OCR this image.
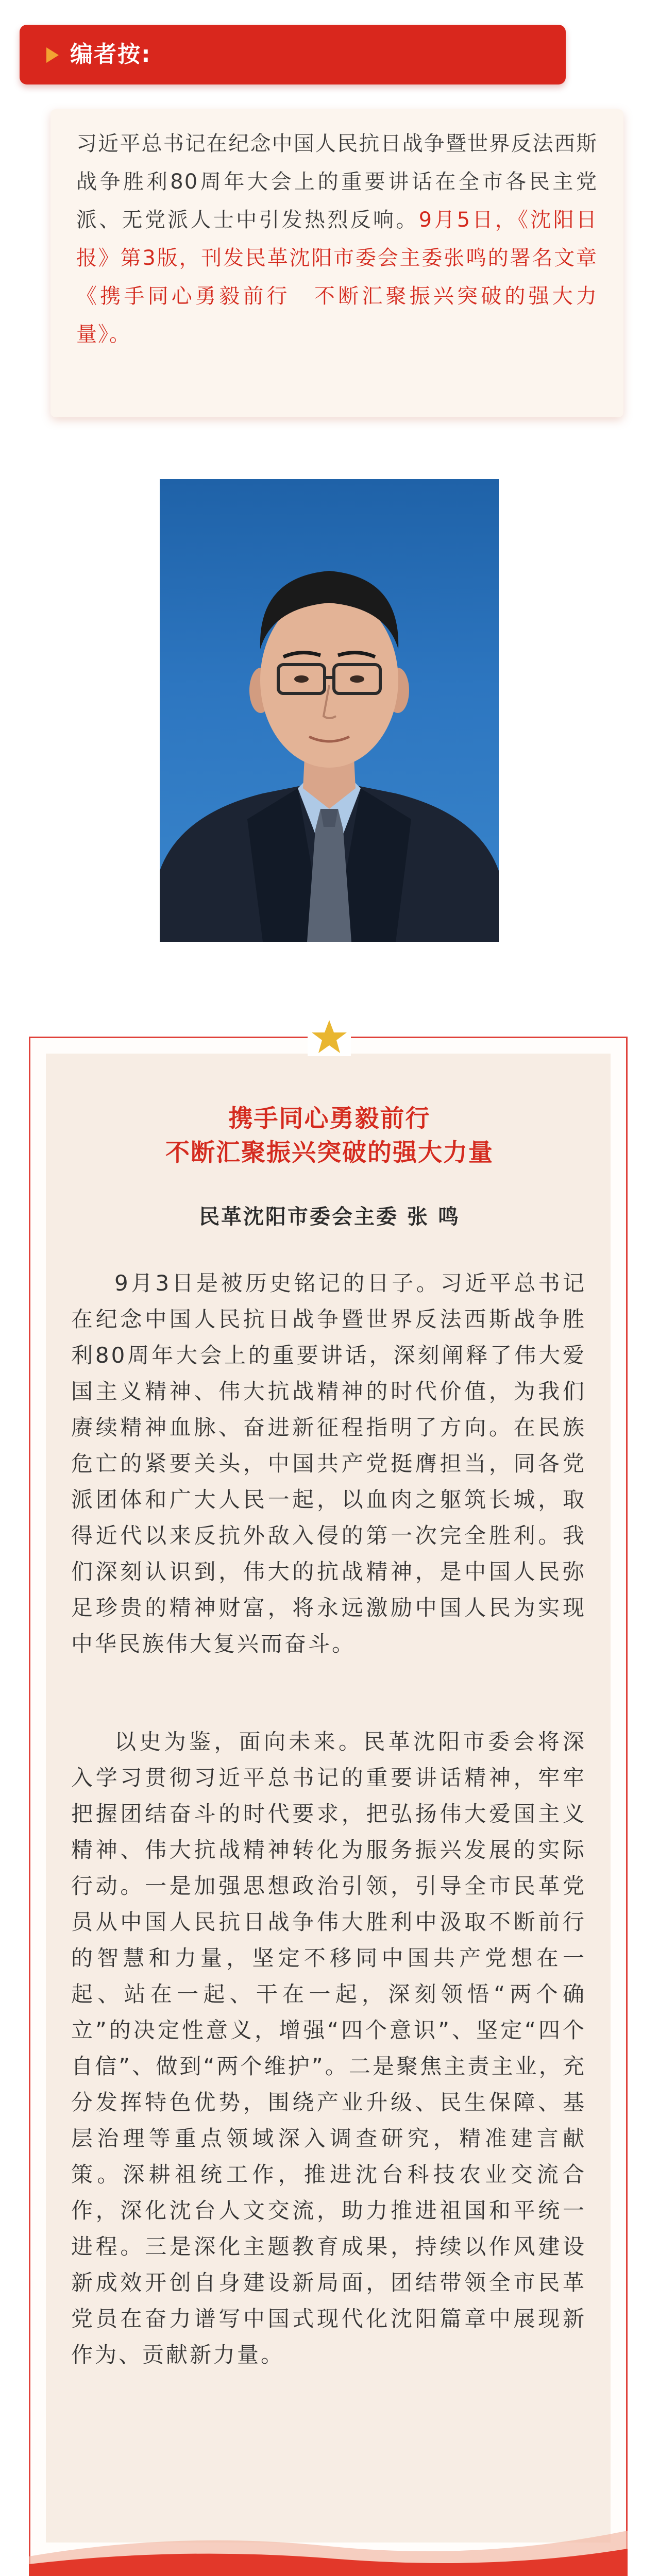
编者按:

习近平总书记在纪念中国人民抗日战争暨世界反法西斯战争胜利80周年大会上的重要讲话在全市各民主党派、无党派人士中引发热烈反响。9月5日，《沈阳日报》第3版，刊发民革沈阳市委会主委张鸣的署名文章《携手同心勇毅前行　不断汇聚振兴突破的强大力量》。

携手同心勇毅前行
不断汇聚振兴突破的强大力量
民革沈阳市委会主委 张 鸣

9月3日是被历史铭记的日子。习近平总书记在纪念中国人民抗日战争暨世界反法西斯战争胜利80周年大会上的重要讲话，深刻阐释了伟大爱国主义精神、伟大抗战精神的时代价值，为我们赓续精神血脉、奋进新征程指明了方向。在民族危亡的紧要关头，中国共产党挺膺担当，同各党派团体和广大人民一起，以血肉之躯筑长城，取得近代以来反抗外敌入侵的第一次完全胜利。我们深刻认识到，伟大的抗战精神，是中国人民弥足珍贵的精神财富，将永远激励中国人民为实现中华民族伟大复兴而奋斗。

以史为鉴，面向未来。民革沈阳市委会将深入学习贯彻习近平总书记的重要讲话精神，牢牢把握团结奋斗的时代要求，把弘扬伟大爱国主义精神、伟大抗战精神转化为服务振兴发展的实际行动。一是加强思想政治引领，引导全市民革党员从中国人民抗日战争伟大胜利中汲取不断前行的智慧和力量，坚定不移同中国共产党想在一起、站在一起、干在一起，深刻领悟“两个确立”的决定性意义，增强“四个意识”、坚定“四个自信”、做到“两个维护”。二是聚焦主责主业，充分发挥特色优势，围绕产业升级、民生保障、基层治理等重点领域深入调查研究，精准建言献策。深耕祖统工作，推进沈台科技农业交流合作，深化沈台人文交流，助力推进祖国和平统一进程。三是深化主题教育成果，持续以作风建设新成效开创自身建设新局面，团结带领全市民革党员在奋力谱写中国式现代化沈阳篇章中展现新作为、贡献新力量。
